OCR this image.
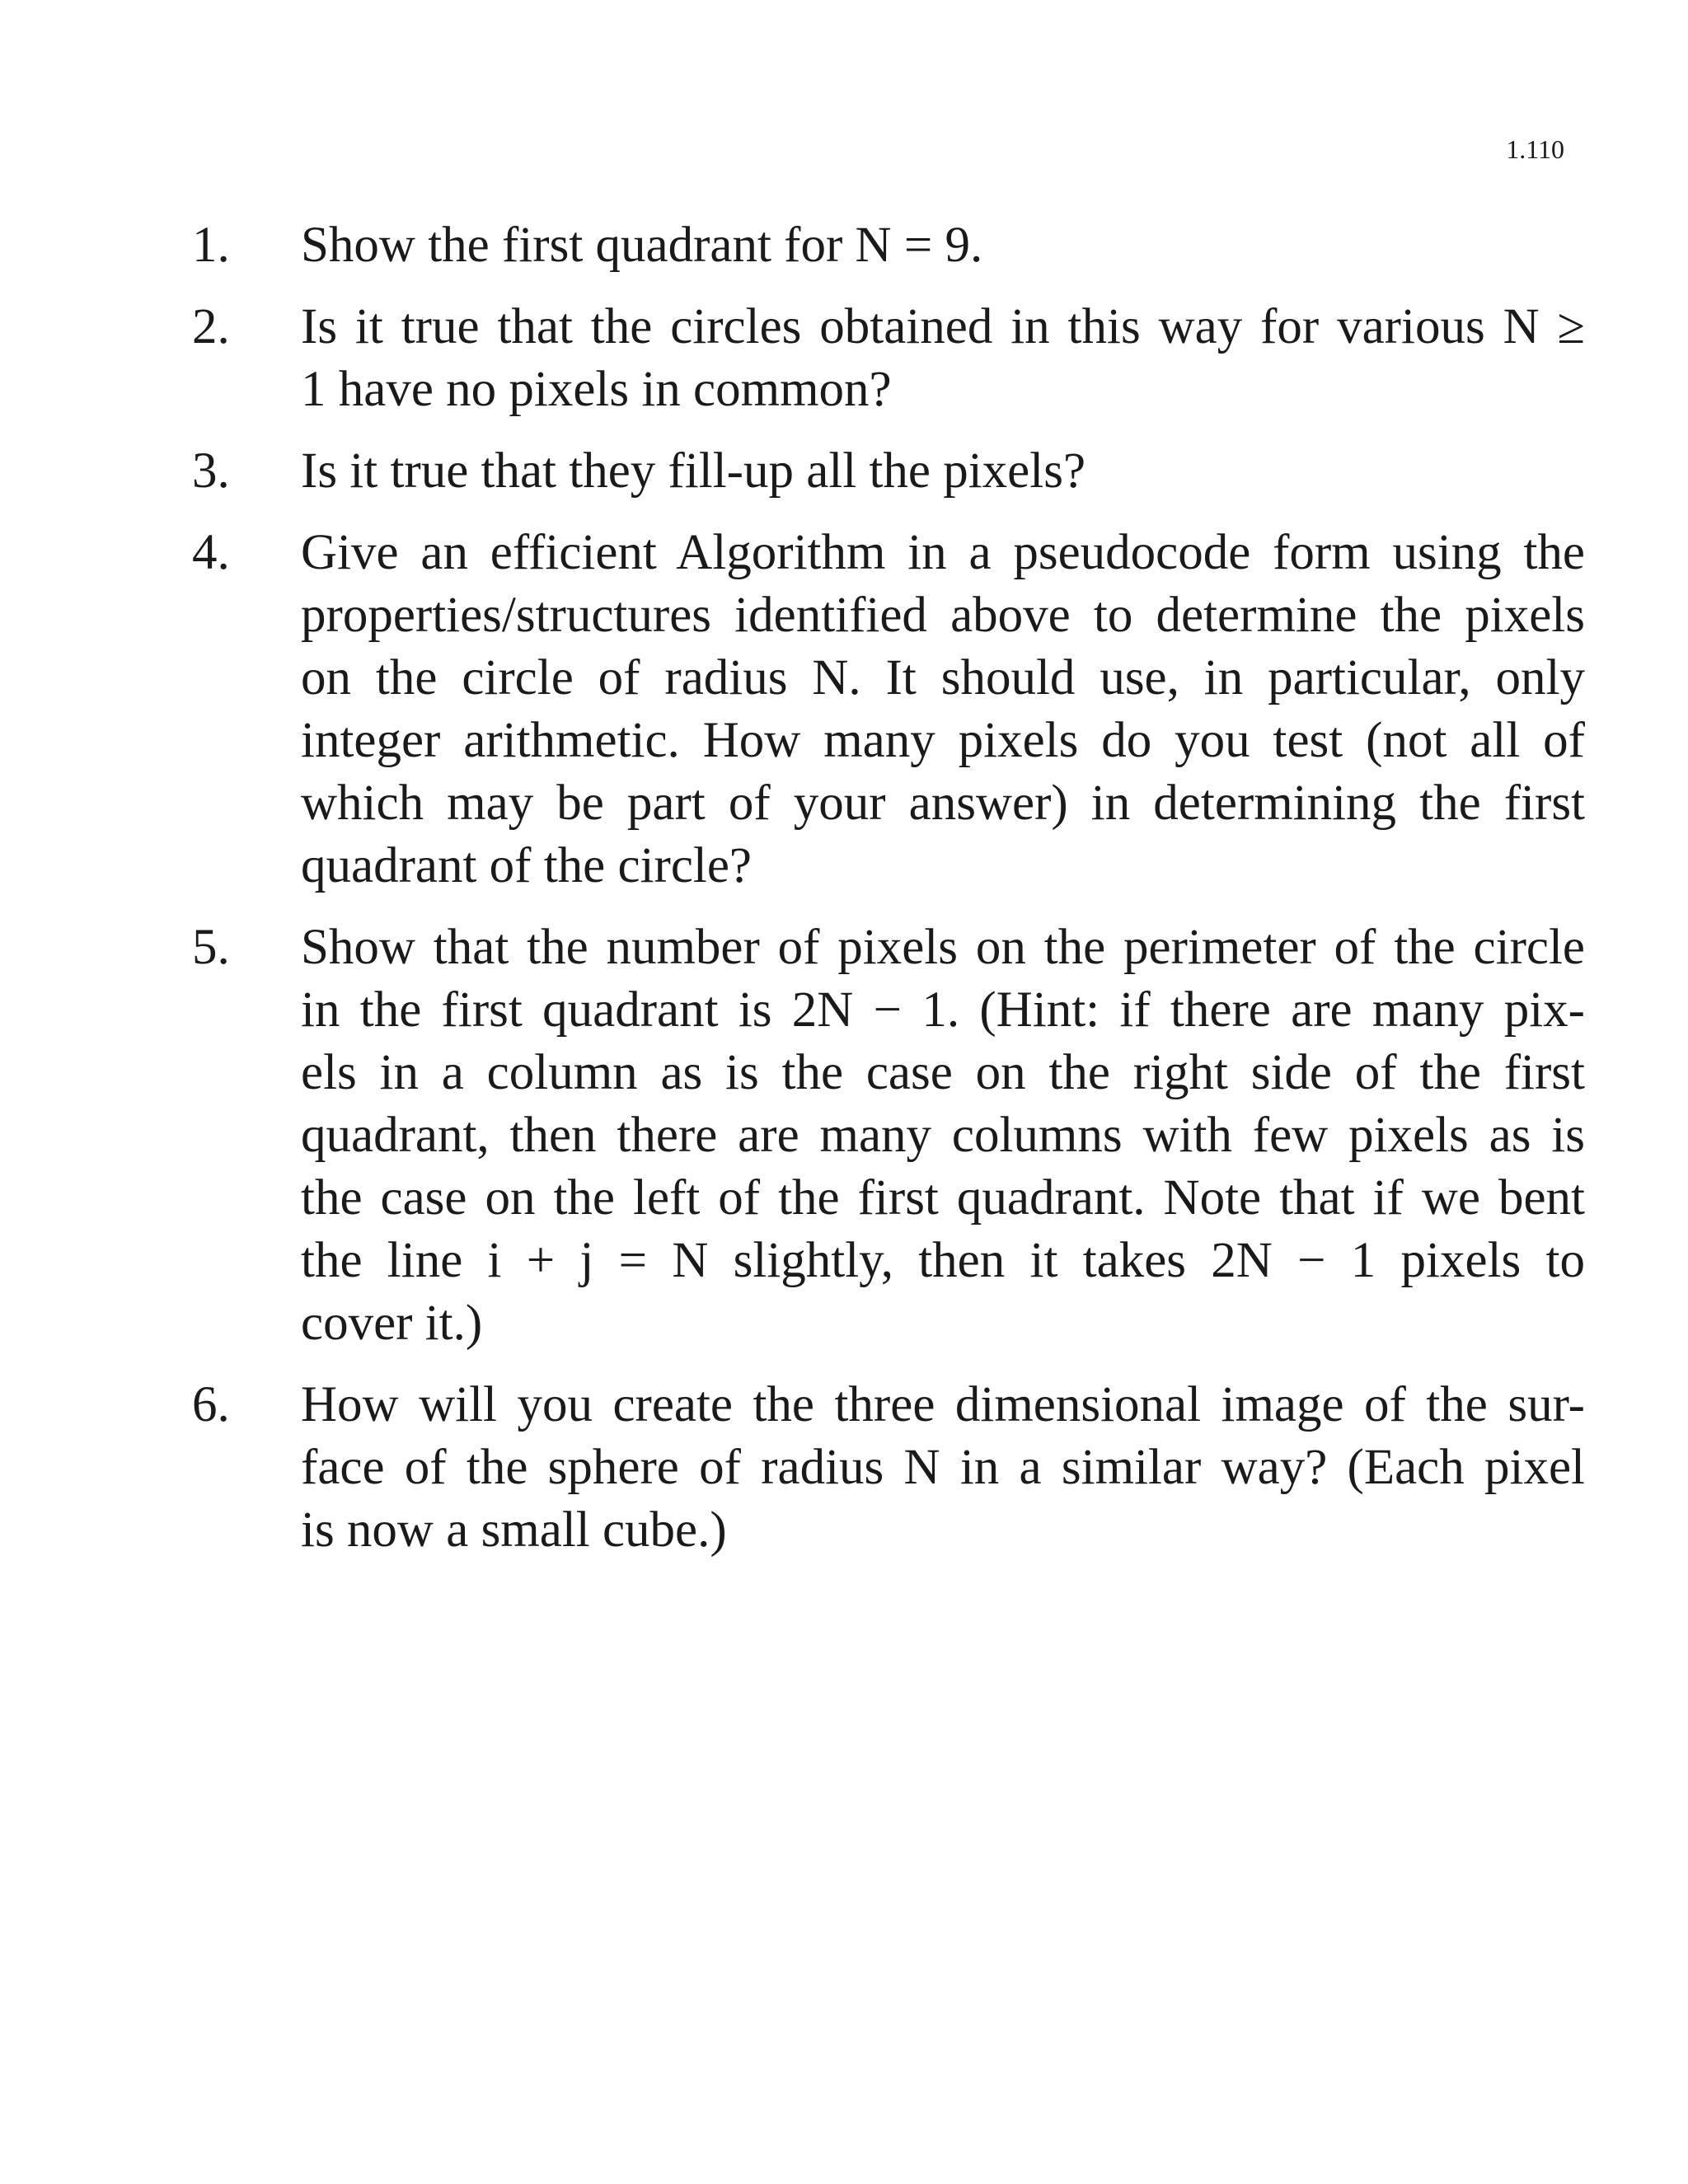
1.110
1.	Show the first quadrant for N = 9.
2.	Is it true that the circles obtained in this way for various N ≥
1 have no pixels in common?
3.	Is it true that they fill-up all the pixels?
4.	Give an efficient Algorithm in a pseudocode form using the
properties/structures identified above to determine the pixels
on the circle of radius N. It should use, in particular, only
integer arithmetic. How many pixels do you test (not all of
which may be part of your answer) in determining the first
quadrant of the circle?
5.	Show that the number of pixels on the perimeter of the circle
in the first quadrant is 2N − 1. (Hint: if there are many pix-
els in a column as is the case on the right side of the first
quadrant, then there are many columns with few pixels as is
the case on the left of the first quadrant. Note that if we bent
the line i + j = N slightly, then it takes 2N − 1 pixels to
cover it.)
6.	How will you create the three dimensional image of the sur-
face of the sphere of radius N in a similar way? (Each pixel
is now a small cube.)
